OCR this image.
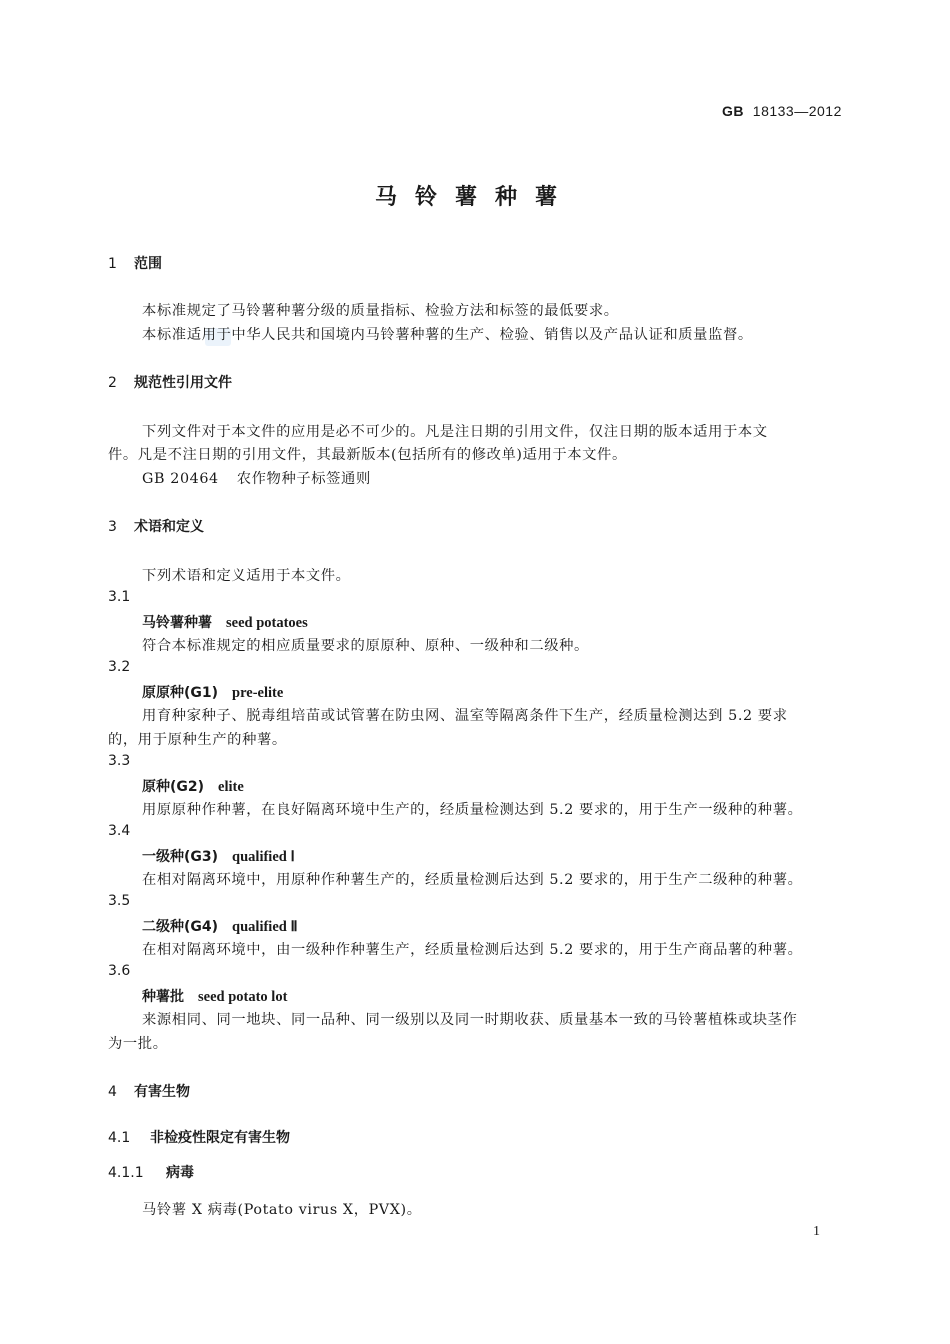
GB 18133—2012
马铃薯种薯
1 范围
本标准规定了马铃薯种薯分级的质量指标、检验方法和标签的最低要求。
本标准适用于中华人民共和国境内马铃薯种薯的生产、检验、销售以及产品认证和质量监督。
2 规范性引用文件
下列文件对于本文件的应用是必不可少的。凡是注日期的引用文件，仅注日期的版本适用于本文
件。凡是不注日期的引用文件，其最新版本(包括所有的修改单)适用于本文件。
GB 20464 农作物种子标签通则
3 术语和定义
下列术语和定义适用于本文件。
3.1
马铃薯种薯 seed potatoes
符合本标准规定的相应质量要求的原原种、原种、一级种和二级种。
3.2
原原种(G1) pre-elite
用育种家种子、脱毒组培苗或试管薯在防虫网、温室等隔离条件下生产，经质量检测达到 5.2 要求
的，用于原种生产的种薯。
3.3
原种(G2) elite
用原原种作种薯，在良好隔离环境中生产的，经质量检测达到 5.2 要求的，用于生产一级种的种薯。
3.4
一级种(G3) qualified Ⅰ
在相对隔离环境中，用原种作种薯生产的，经质量检测后达到 5.2 要求的，用于生产二级种的种薯。
3.5
二级种(G4) qualified Ⅱ
在相对隔离环境中，由一级种作种薯生产，经质量检测后达到 5.2 要求的，用于生产商品薯的种薯。
3.6
种薯批 seed potato lot
来源相同、同一地块、同一品种、同一级别以及同一时期收获、质量基本一致的马铃薯植株或块茎作
为一批。
4 有害生物
4.1 非检疫性限定有害生物
4.1.1 病毒
马铃薯 X 病毒(Potato virus X，PVX)。
1
